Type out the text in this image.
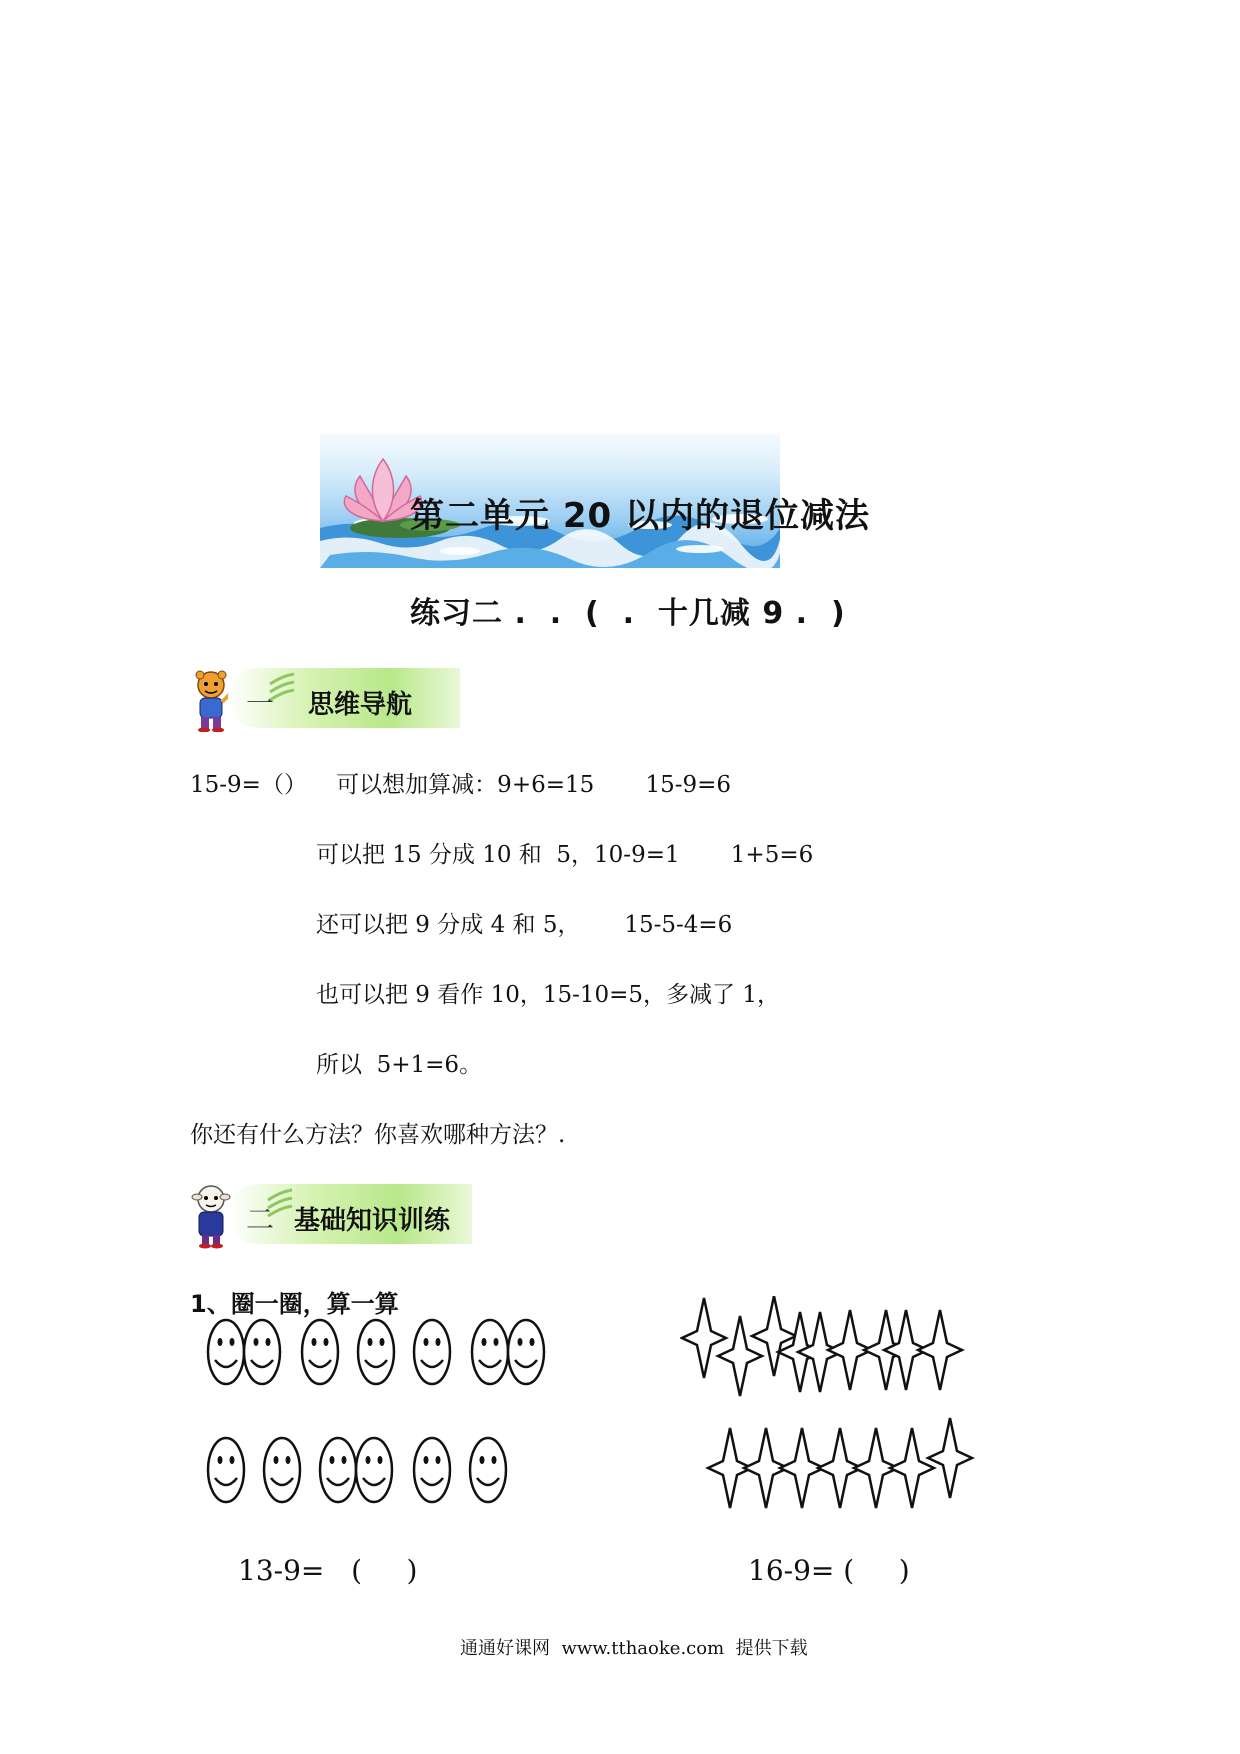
第二单元 20 以内的退位减法
练习二 .  .  (  .  十几减 9 .  )
一 思维导航
15-9=（）    可以想加算减：9+6=15       15-9=6
可以把 15 分成 10 和  5，10-9=1       1+5=6
还可以把 9 分成 4 和 5，      15-5-4=6
也可以把 9 看作 10，15-10=5，多减了 1，
所以  5+1=6。
你还有什么方法？你喜欢哪种方法？.
二 基础知识训练
1、圈一圈，算一算
13-9=   (     )	16-9= (     )
通通好课网  www.tthaoke.com  提供下载
